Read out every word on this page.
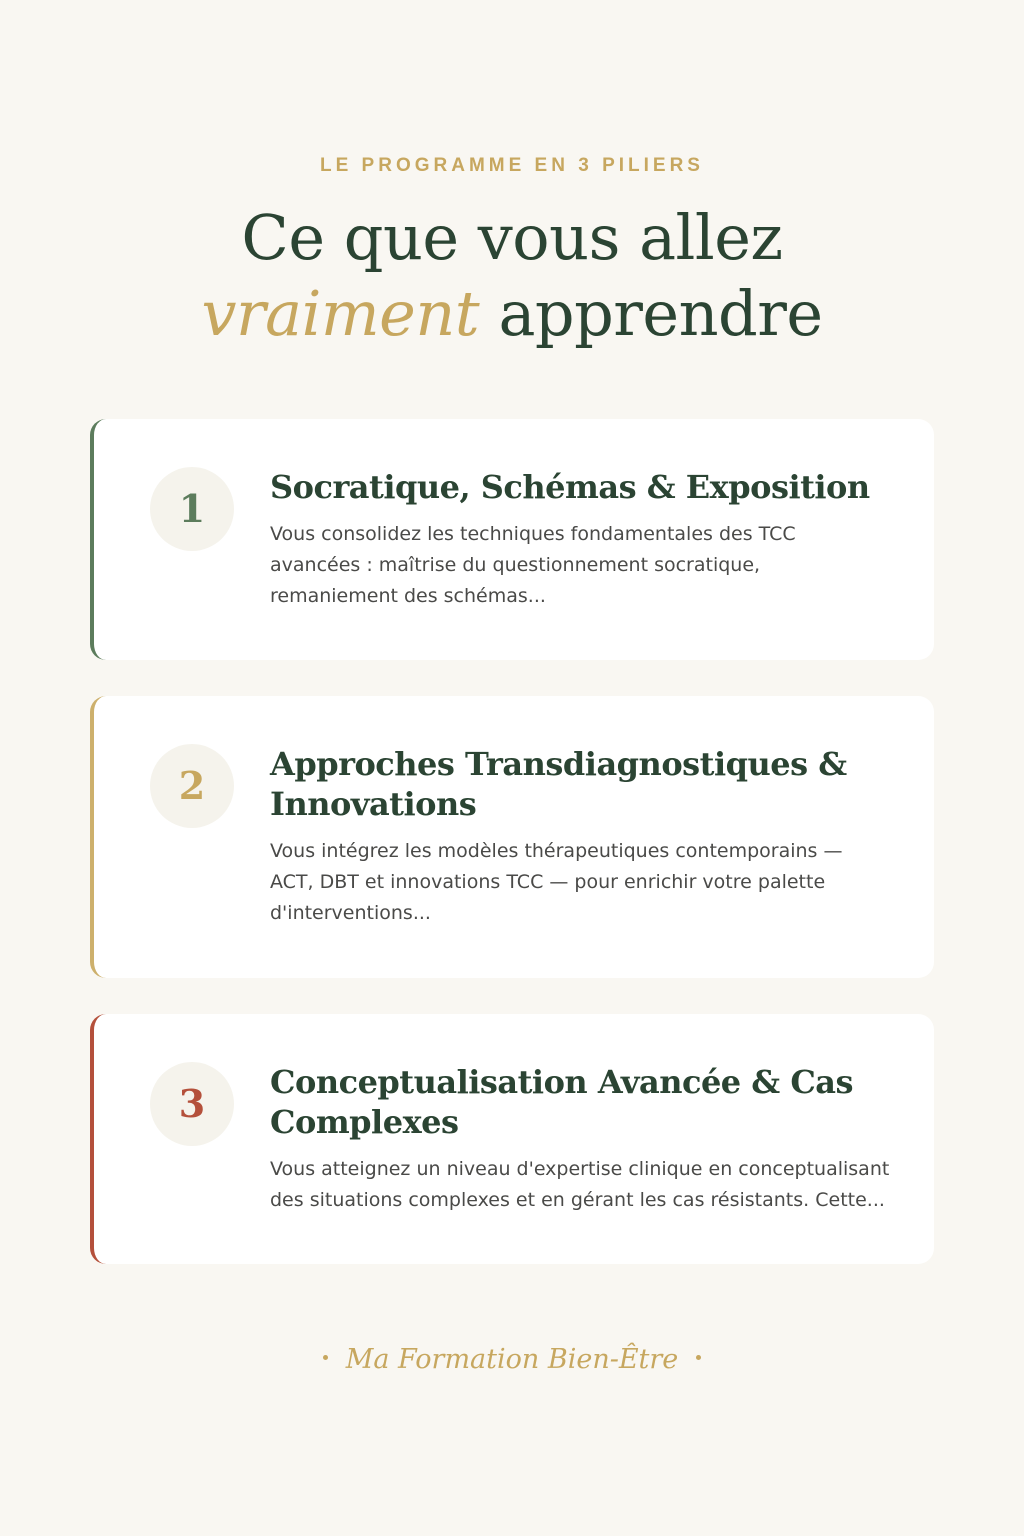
LE PROGRAMME EN 3 PILIERS
Ce que vous allez
vraiment apprendre
1	Socratique, Schémas & Exposition

Vous consolidez les techniques fondamentales des TCC avancées : maîtrise du questionnement socratique, remaniement des schémas...

2	Approches Transdiagnostiques & Innovations

Vous intégrez les modèles thérapeutiques contemporains — ACT, DBT et innovations TCC — pour enrichir votre palette d'interventions...

3	Conceptualisation Avancée & Cas Complexes

Vous atteignez un niveau d'expertise clinique en conceptualisant des situations complexes et en gérant les cas résistants. Cette...

Ma Formation Bien-Être
